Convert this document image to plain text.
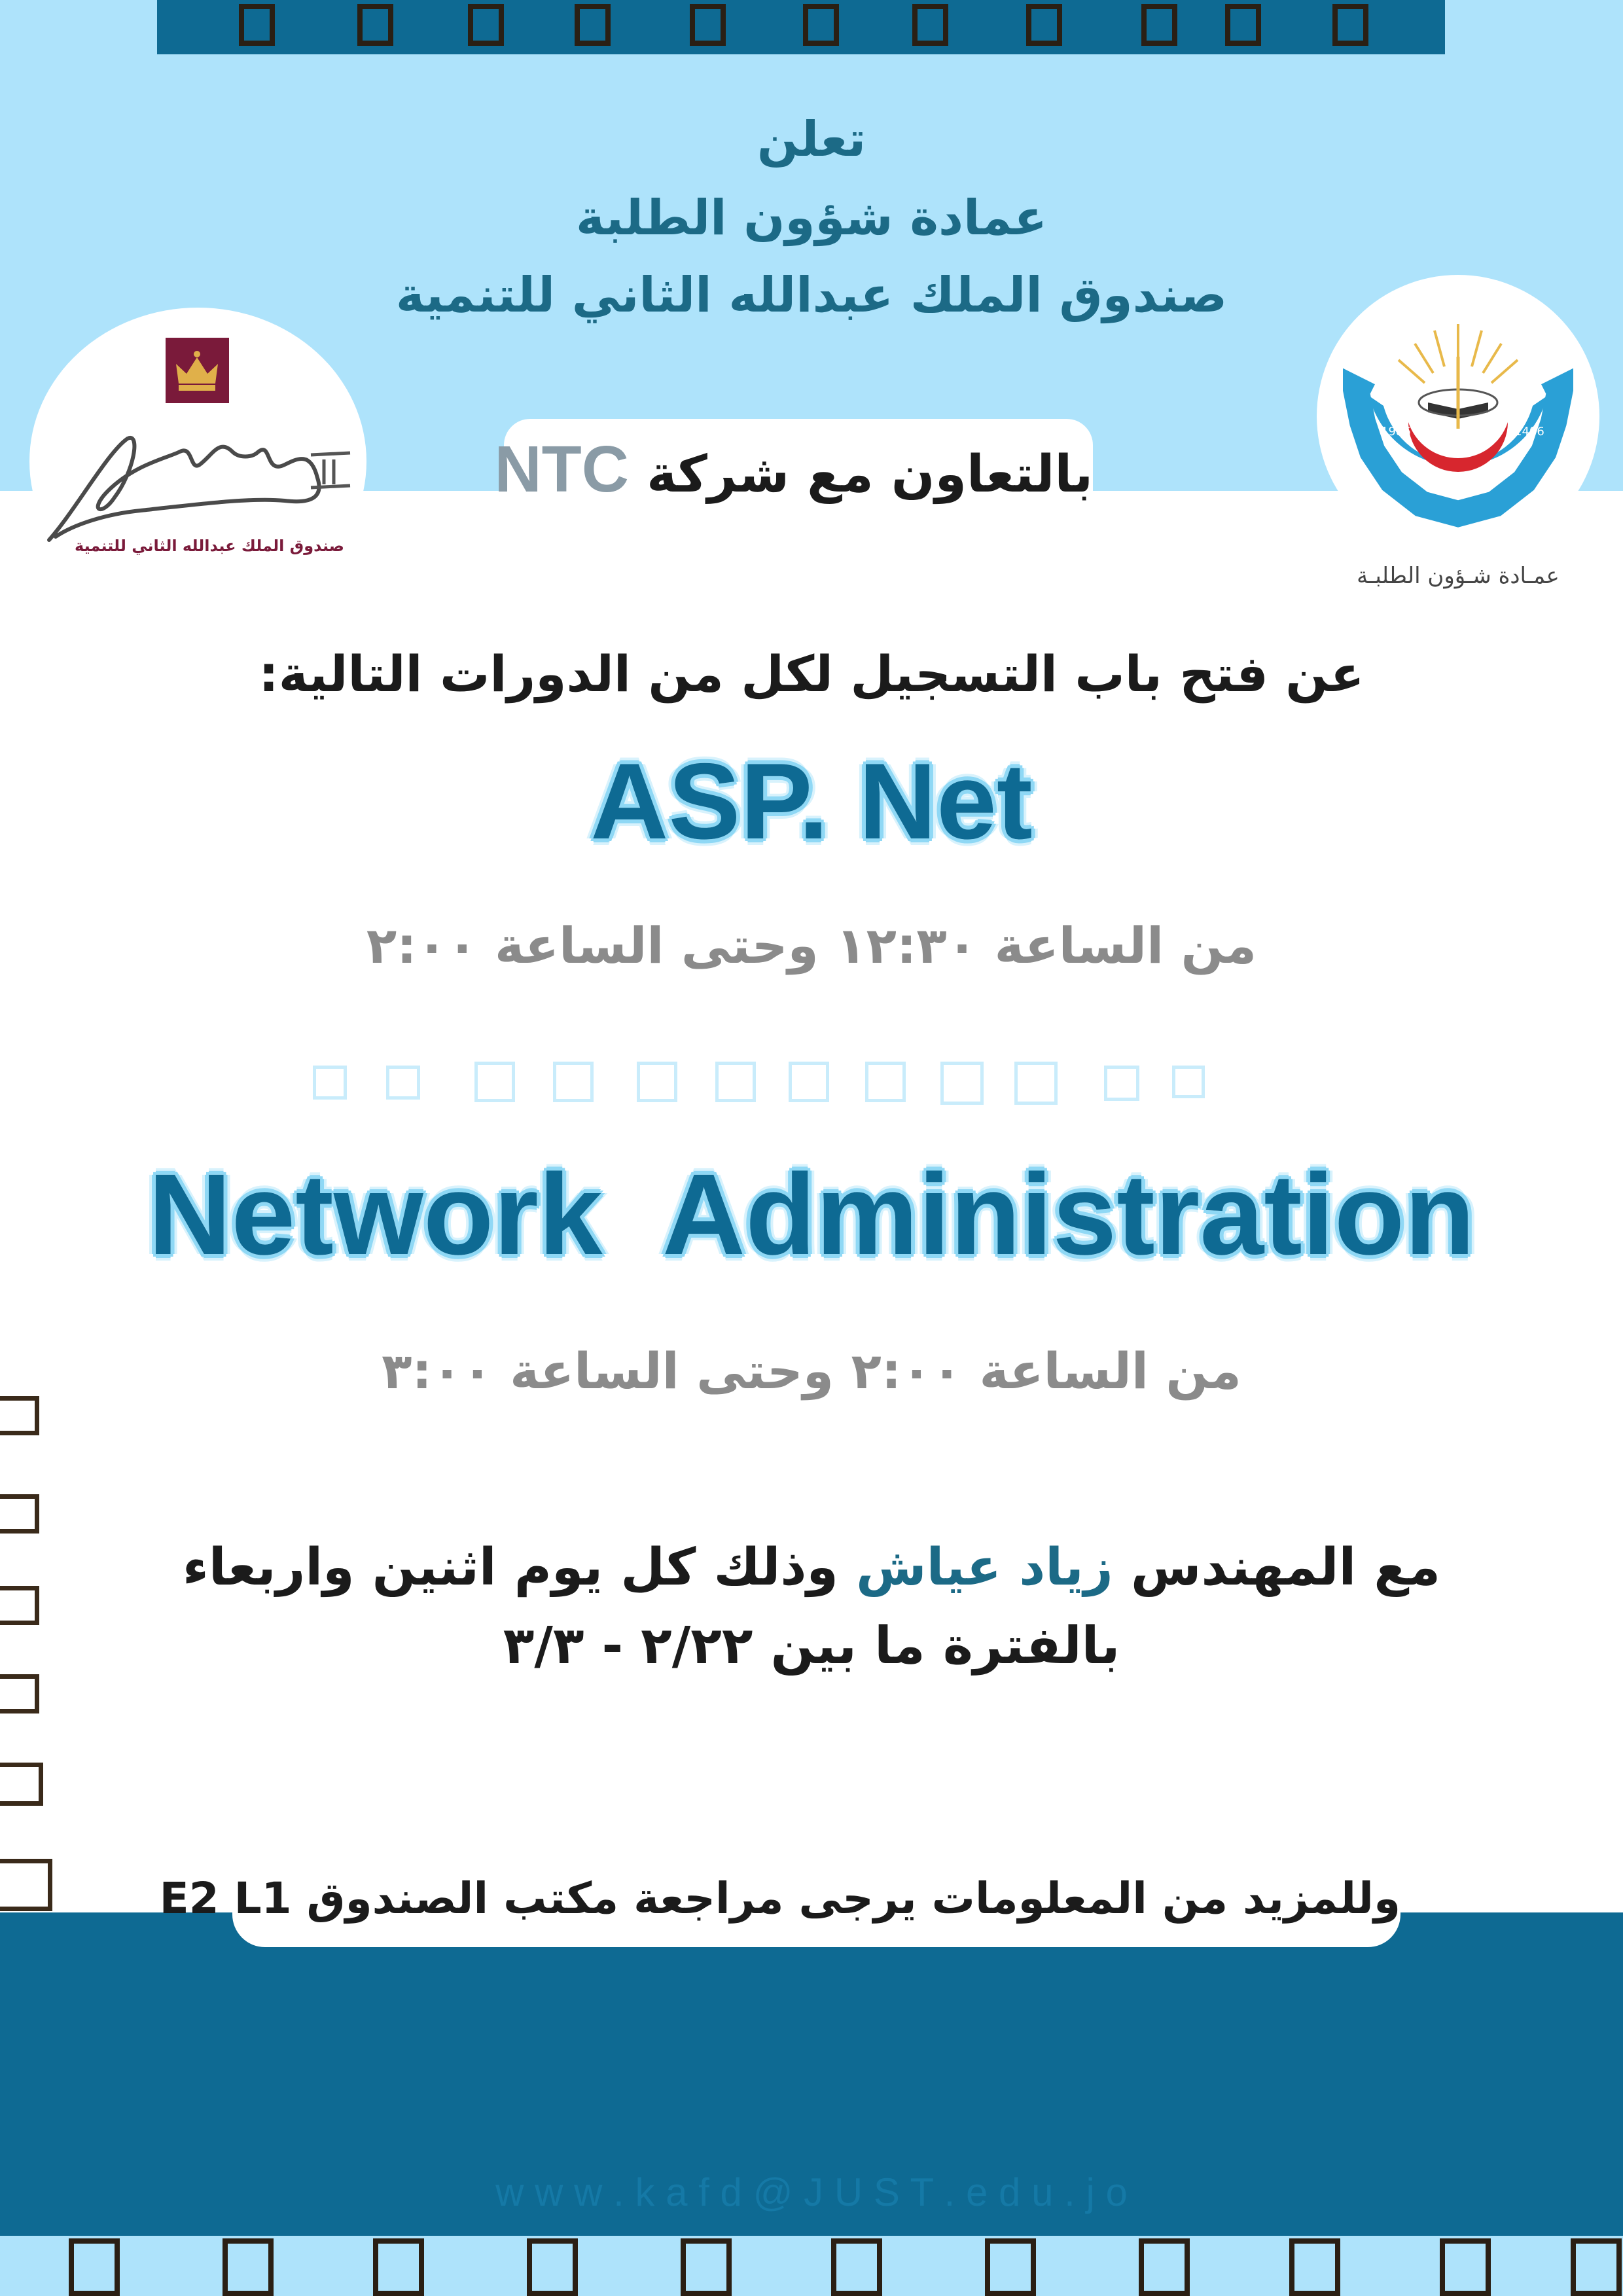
تعلن
عمادة شؤون الطلبة
صندوق الملك عبدالله الثاني للتنمية
بالتعاون مع شركة NTC
صندوق الملك عبدالله الثاني للتنمية
1986	1406
عمـادة شـؤون الطلبـة
عن فتح باب التسجيل لكل من الدورات التالية:
ASP. Net
من الساعة ١٢:٣٠ وحتى الساعة ٢:٠٠
Network  Administration
من الساعة ٢:٠٠ وحتى الساعة ٣:٠٠
مع المهندس زياد عياش وذلك كل يوم اثنين واربعاء
بالفترة ما بين ٢/٢٢ - ٣/٣
وللمزيد من المعلومات يرجى مراجعة مكتب الصندوق E2 L1
w w w . k a f d @ J U S T . e d u . j o
